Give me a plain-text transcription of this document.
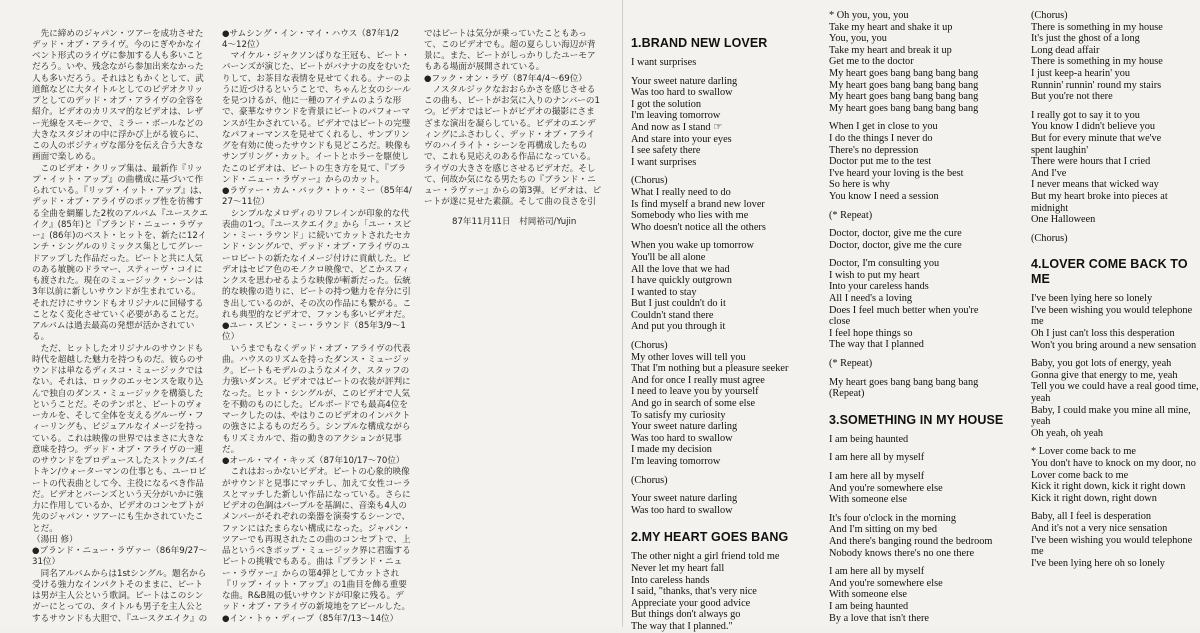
　先に締めのジャパン・ツアーを成功させたデッド・オブ・アライヴ。今のにぎやかなイベント形式のライヴに参加する人も多いことだろう。いや、残念ながら参加出来なかった人も多いだろう。それはともかくとして、武道館などに大タイトルとしてのビデオクリップとしてのデッド・オブ・アライヴの全容を紹介。ビデオのカリスマ的なビデオは、レザー光線をスモークで、ミラー・ボールなどの大きなスタジオの中に浮かび上がる彼らに、この人のポジティヴな部分を伝え合う大きな画面で楽しめる。
　このビデオ・クリップ集は、最新作『リップ・イット・アップ』の曲構成に基づいて作られている。『リップ・イット・アップ』は、デッド・オブ・アライヴのポップ性を彷彿する全曲を網羅した2枚のアルバム『ユースクエイク』(85年)と『ブランド・ニュー・ラヴァー』(86年)のベスト・ヒットを、新たに12インチ・シングルのリミックス集としてグレードアップした作品だった。ピートと共に人気のある敏腕のドラマー、スティーヴ・コイにも渡された。現在のミュージック・シーンは3年以前に新しいサウンドが生まれている。それだけにサウンドもオリジナルに回帰することなく変化させていく必要があることだ。アルバムは過去最高の発想が活かされている。
　ただ、ヒットしたオリジナルのサウンドも時代を超越した魅力を持つものだ。彼らのサウンドは単なるディスコ・ミュージックではない。それは、ロックのエッセンスを取り込んで独自のダンス・ミュージックを構築したということだ。そのテンポと、ピートのヴォーカルを、そして全体を支えるグルーヴ・フィーリングも、ビジュアルなイメージを持っている。これは映像の世界ではまさに大きな意味を持つ。デッド・オブ・アライヴの一連のサウンドをプロデュースしたストック/エイトキン/ウォーターマンの仕事とも、ユーロビートの代表曲として今、主役になるべき作品だ。ビデオとバーンズという天分がいかに強力に作用しているか、ビデオのコンセプトが先のジャパン・ツアーにも生かされていたことだ。
（湯田 修）
●ブランド・ニュー・ラヴァー（86年9/27〜31位）
　同名アルバムからは1stシングル。題名から受ける強力なインパクトそのままに、ピートは男が主人公という歌詞。ピートはこのシンガーにとっての、タイトルも男子を主人公とするサウンドも大胆で、『ユースクエイク』の

●サムシング・イン・マイ・ハウス（87年1/24〜12位）
　マイケル・ジャクソンばりな王冠も、ピート・バーンズが演じた、ピートがバナナの皮をむいたりして、お茶目な表情を見せてくれる。ナーのように近づけるということで、ちゃんと女のシールを見つけるが、他に一種のアイテムのような形で、豪華なサウンドを背景にピートのパフォーマンスが生かされている。ビデオではピートの完璧なパフォーマンスを見せてくれるし、サンプリングを有効に使ったサウンドも見どころだ。映像もサンプリング・カット。イートとホラーを駆使したこのビデオは、ピートの生き方を見て、『ブランド・ニュー・ラヴァー』からのカット。
●ラヴァー・カム・バック・トゥ・ミー（85年4/27〜11位）
　シンプルなメロディのリフレインが印象的な代表曲の1つ。『ユースクエイク』から「ユー・スピン・ミー・ラウンド」に続いてカットされたセカンド・シングルで、デッド・オブ・アライヴのユーロビートの新たなイメージ付けに貢献した。ビデオはセピア色のモノクロ映像で、どこかスフィンクスを思わせるような映像が斬新だった。伝統的な映像の造りに、ピートの持つ魅力を存分に引き出しているのが、その次の作品にも繋がる。これも典型的なビデオで、ファンも多いビデオだ。
●ユー・スピン・ミー・ラウンド（85年3/9〜1位）
　いうまでもなくデッド・オブ・アライヴの代表曲。ハウスのリズムを持ったダンス・ミュージック。ビートもモデルのようなメイク、スタッフの力強いダンス。ビデオではピートの衣装が評判になった。ヒット・シングルが、このビデオで人気を不動のものにした。ビルボードでも最高4位をマークしたのは、やはりこのビデオのインパクトの強さによるものだろう。シンプルな構成ながらもリズミカルで、指の動きのアクションが見事だ。
●オール・マイ・キッズ（87年10/17〜70位）
　これはおっかないビデオ。ピートの心象的映像がサウンドと見事にマッチし、加えて女性コーラスとマッチした新しい作品になっている。さらにビデオの色調はパープルを基調に、音楽も4人のメンバーがそれぞれの楽器を演奏するシーンで、ファンにはたまらない構成になった。ジャパン・ツアーでも再現されたこの曲のコンセプトで、上品というべきポップ・ミュージック界に君臨するピートの挑戦でもある。曲は『ブランド・ニュー・ラヴァー』からの第4弾としてカットされ『リップ・イット・アップ』の1曲目を飾る重要な曲。R&B風の低いサウンドが印象に残る。デッド・オブ・アライヴの新境地をアピールした。
●イン・トゥ・ディープ（85年7/13〜14位）

ではピートは気分が乗っていたこともあって、このビデオでも。超の夏らしい海辺が背景に。また、ピートがしっかりしたユーモアもある場面が展開されている。
●フック・オン・ラヴ（87年4/4〜69位）
　ノスタルジックなおおらかさを感じさせるこの曲も、ピートがお気に入りのナンバーの1つ。ビデオではピートがビデオの撮影にさまざまな演出を凝らしている。ビデオのエンディングにふさわしく、デッド・オブ・アライヴのハイライト・シーンを再構成したもので、これも見応えのある作品になっている。ライヴの大きさを感じさせるビデオだ。そして、何故か気になる男たちの『ブランド・ニュー・ラヴァー』からの第3弾。ビデオは、ピートが遂に見せた素顔。そして曲の良さを引

87年11月11日　村岡裕司/Yujin
1.BRAND NEW LOVER
I want surprises
Your sweet nature darling
Was too hard to swallow
I got the solution
I'm leaving tomorrow
And now as I stand ☞
And stare into your eyes
I see safety there
I want surprises
(Chorus)
What I really need to do
Is find myself a brand new lover
Somebody who lies with me
Who doesn't notice all the others
When you wake up tomorrow
You'll be all alone
All the love that we had
I have quickly outgrown
I wanted to stay
But I just couldn't do it
Couldn't stand there
And put you through it
(Chorus)
My other loves will tell you
That I'm nothing but a pleasure seeker
And for once I really must agree
I need to leave you by yourself
And go in search of some else
To satisfy my curiosity
Your sweet nature darling
Was too hard to swallow
I made my decision
I'm leaving tomorrow
(Chorus)
Your sweet nature darling
Was too hard to swallow
2.MY HEART GOES BANG
The other night a girl friend told me
Never let my heart fall
Into careless hands
I said, "thanks, that's very nice
Appreciate your good advice
But things don't always go
The way that I planned."
* Oh you, you, you
Take my heart and shake it up
You, you, you
Take my heart and break it up
Get me to the doctor
My heart goes bang bang bang bang
My heart goes bang bang bang bang
My heart goes bang bang bang bang
My heart goes bang bang bang bang
When I get in close to you
I do the things I never do
There's no depression
Doctor put me to the test
I've heard your loving is the best
So here is why
You know I need a session
(* Repeat)
Doctor, doctor, give me the cure
Doctor, doctor, give me the cure
Doctor, I'm consulting you
I wish to put my heart
Into your careless hands
All I need's a loving
Does I feel much better when you're
close
I feel hope things so
The way that I planned
(* Repeat)
My heart goes bang bang bang bang
(Repeat)
3.SOMETHING IN MY HOUSE
I am being haunted
I am here all by myself
I am here all by myself
And you're somewhere else
With someone else
It's four o'clock in the morning
And I'm sitting on my bed
And there's banging round the bedroom
Nobody knows there's no one there
I am here all by myself
And you're somewhere else
With someone else
I am being haunted
By a love that isn't there
(Chorus)
There is something in my house
It's just the ghost of a long
Long dead affair
There is something in my house
I just keep-a hearin' you
Runnin' runnin' round my stairs
But you're not there
I really got to say it to you
You know I didn't believe you
But for every minute that we've
spent laughin'
There were hours that I cried
And I've
I never means that wicked way
But my heart broke into pieces at
midnight
One Halloween
(Chorus)
4.LOVER COME BACK TO ME
I've been lying here so lonely
I've been wishing you would telephone
me
Oh I just can't loss this desperation
Won't you bring around a new sensation
Baby, you got lots of energy, yeah
Gonna give that energy to me, yeah
Tell you we could have a real good time,
yeah
Baby, I could make you mine all mine,
yeah
Oh yeah, oh yeah
* Lover come back to me
You don't have to knock on my door, no
Lover come back to me
Kick it right down, kick it right down
Kick it right down, right down
Baby, all I feel is desperation
And it's not a very nice sensation
I've been wishing you would telephone
me
I've been lying here oh so lonely
